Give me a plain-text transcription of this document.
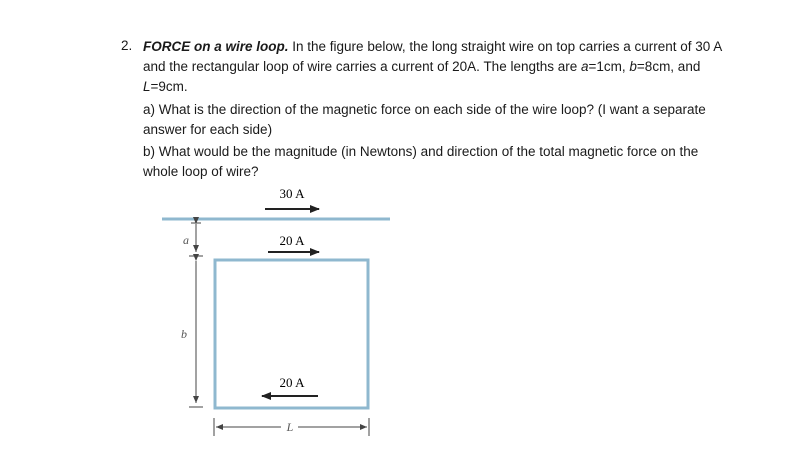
2. FORCE on a wire loop. In the figure below, the long straight wire on top carries a current of 30 A
and the rectangular loop of wire carries a current of 20A. The lengths are a=1cm, b=8cm, and
L=9cm.
a) What is the direction of the magnetic force on each side of the wire loop? (I want a separate
answer for each side)
b) What would be the magnitude (in Newtons) and direction of the total magnetic force on the
whole loop of wire?
30 A
20 A
20 A
a
b
L
